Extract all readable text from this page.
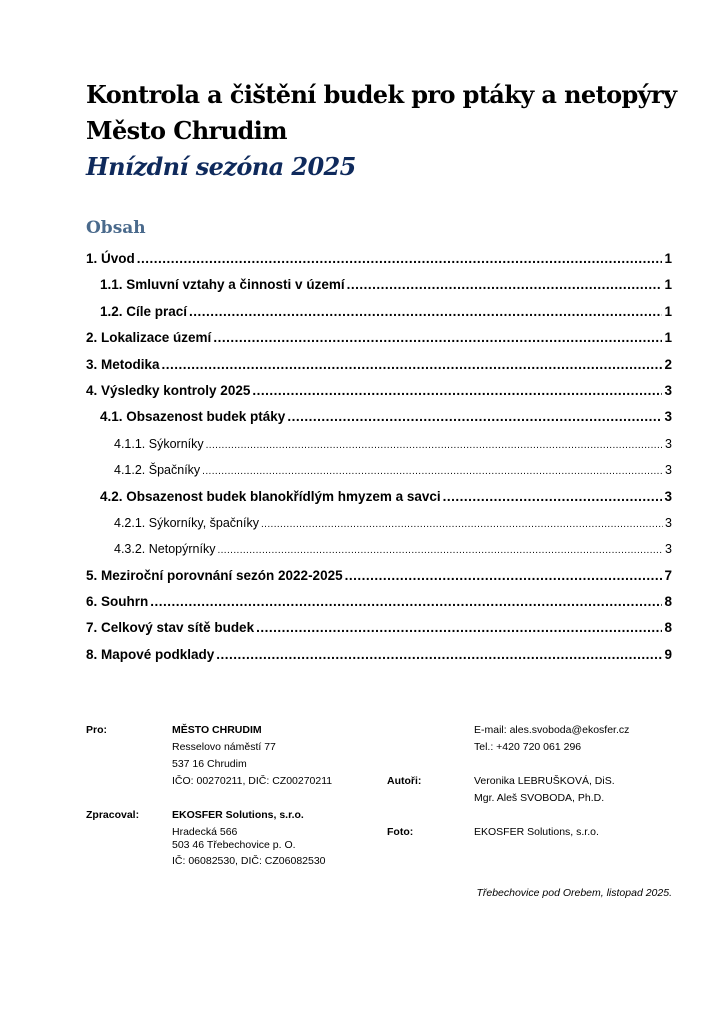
Kontrola a čištění budek pro ptáky a netopýry
Město Chrudim
Hnízdní sezóna 2025
Obsah
1. Úvod .....	1
1.1. Smluvní vztahy a činnosti v území .....	1
1.2. Cíle prací .....	1
2. Lokalizace území .....	1
3. Metodika .....	2
4. Výsledky kontroly 2025 .....	3
4.1. Obsazenost budek ptáky .....	3
4.1.1. Sýkorníky .....	3
4.1.2. Špačníky .....	3
4.2. Obsazenost budek blanokřídlým hmyzem a savci .....	3
4.2.1. Sýkorníky, špačníky .....	3
4.3.2. Netopýrníky .....	3
5. Meziroční porovnání sezón 2022-2025 .....	7
6. Souhrn .....	8
7. Celkový stav sítě budek .....	8
8. Mapové podklady .....	9
Pro:	MĚSTO CHRUDIM
Resselovo náměstí 77
537 16 Chrudim
IČO: 00270211, DIČ: CZ00270211
Zpracoval:	EKOSFER Solutions, s.r.o.
Hradecká 566
503 46 Třebechovice p. O.
IČ: 06082530, DIČ: CZ06082530
E-mail: ales.svoboda@ekosfer.cz
Tel.: +420 720 061 296
Autoři:	Veronika LEBRUŠKOVÁ, DiS.
Mgr. Aleš SVOBODA, Ph.D.
Foto:	EKOSFER Solutions, s.r.o.
Třebechovice pod Orebem, listopad 2025.
